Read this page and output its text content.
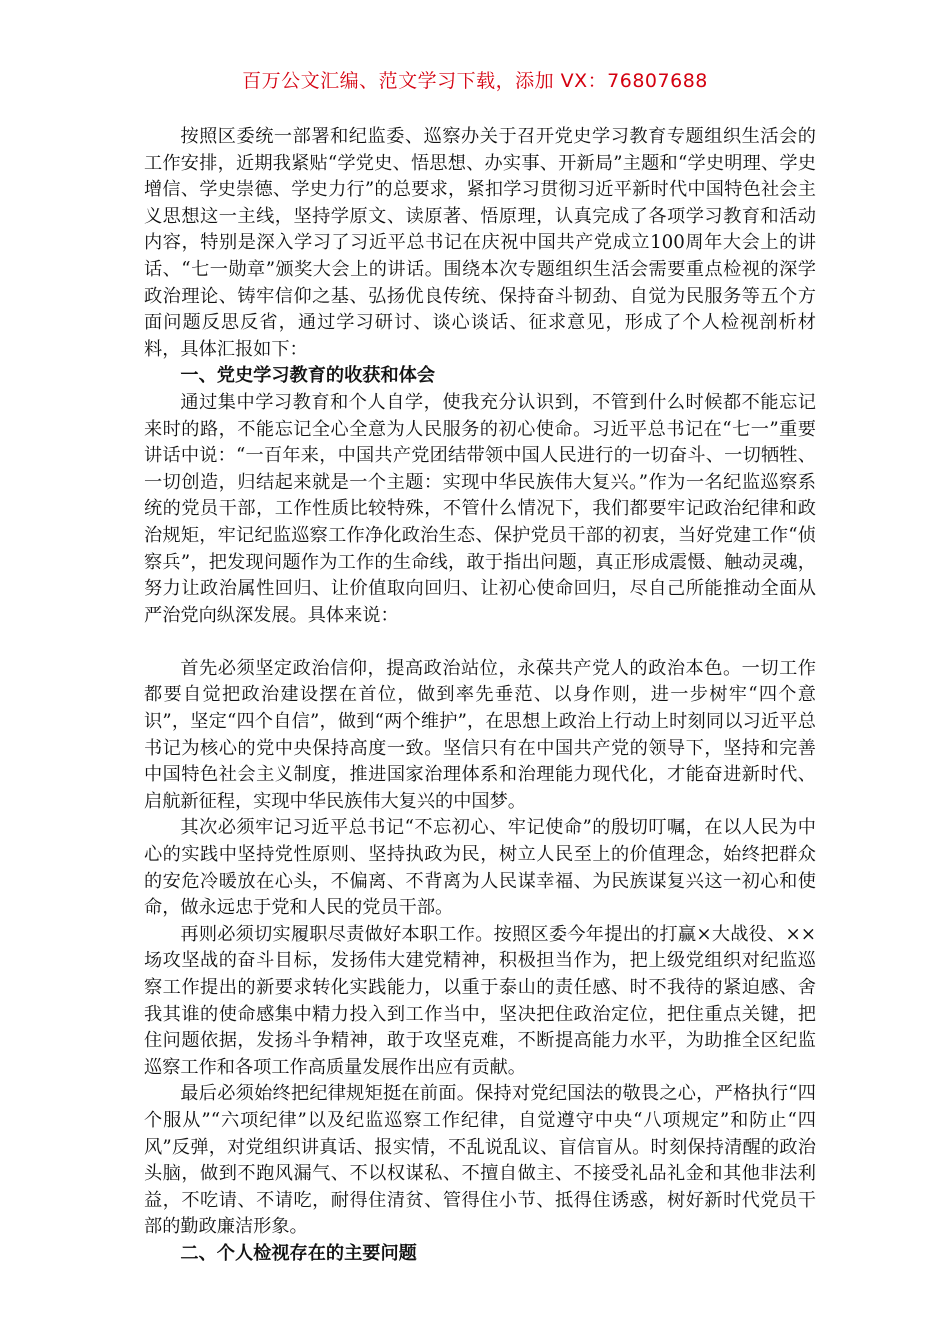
百万公文汇编、范文学习下载，添加 VX：76807688

按照区委统一部署和纪监委、巡察办关于召开党史学习教育专题组织生活会的工作安排，近期我紧贴“学党史、悟思想、办实事、开新局”主题和“学史明理、学史增信、学史崇德、学史力行”的总要求，紧扣学习贯彻习近平新时代中国特色社会主义思想这一主线，坚持学原文、读原著、悟原理，认真完成了各项学习教育和活动内容，特别是深入学习了习近平总书记在庆祝中国共产党成立100周年大会上的讲话、“七一勋章”颁奖大会上的讲话。围绕本次专题组织生活会需要重点检视的深学政治理论、铸牢信仰之基、弘扬优良传统、保持奋斗韧劲、自觉为民服务等五个方面问题反思反省，通过学习研讨、谈心谈话、征求意见，形成了个人检视剖析材料，具体汇报如下：

一、党史学习教育的收获和体会

通过集中学习教育和个人自学，使我充分认识到，不管到什么时候都不能忘记来时的路，不能忘记全心全意为人民服务的初心使命。习近平总书记在“七一”重要讲话中说：“一百年来，中国共产党团结带领中国人民进行的一切奋斗、一切牺牲、一切创造，归结起来就是一个主题：实现中华民族伟大复兴。”作为一名纪监巡察系统的党员干部，工作性质比较特殊，不管什么情况下，我们都要牢记政治纪律和政治规矩，牢记纪监巡察工作净化政治生态、保护党员干部的初衷，当好党建工作“侦察兵”，把发现问题作为工作的生命线，敢于指出问题，真正形成震慑、触动灵魂，努力让政治属性回归、让价值取向回归、让初心使命回归，尽自己所能推动全面从严治党向纵深发展。具体来说：

首先必须坚定政治信仰，提高政治站位，永葆共产党人的政治本色。一切工作都要自觉把政治建设摆在首位，做到率先垂范、以身作则，进一步树牢“四个意识”，坚定“四个自信”，做到“两个维护”，在思想上政治上行动上时刻同以习近平总书记为核心的党中央保持高度一致。坚信只有在中国共产党的领导下，坚持和完善中国特色社会主义制度，推进国家治理体系和治理能力现代化，才能奋进新时代、启航新征程，实现中华民族伟大复兴的中国梦。

其次必须牢记习近平总书记“不忘初心、牢记使命”的殷切叮嘱，在以人民为中心的实践中坚持党性原则、坚持执政为民，树立人民至上的价值理念，始终把群众的安危冷暖放在心头，不偏离、不背离为人民谋幸福、为民族谋复兴这一初心和使命，做永远忠于党和人民的党员干部。

再则必须切实履职尽责做好本职工作。按照区委今年提出的打赢×大战役、××场攻坚战的奋斗目标，发扬伟大建党精神，积极担当作为，把上级党组织对纪监巡察工作提出的新要求转化实践能力，以重于泰山的责任感、时不我待的紧迫感、舍我其谁的使命感集中精力投入到工作当中，坚决把住政治定位，把住重点关键，把住问题依据，发扬斗争精神，敢于攻坚克难，不断提高能力水平，为助推全区纪监巡察工作和各项工作高质量发展作出应有贡献。

最后必须始终把纪律规矩挺在前面。保持对党纪国法的敬畏之心，严格执行“四个服从”“六项纪律”以及纪监巡察工作纪律，自觉遵守中央“八项规定”和防止“四风”反弹，对党组织讲真话、报实情，不乱说乱议、盲信盲从。时刻保持清醒的政治头脑，做到不跑风漏气、不以权谋私、不擅自做主、不接受礼品礼金和其他非法利益，不吃请、不请吃，耐得住清贫、管得住小节、抵得住诱惑，树好新时代党员干部的勤政廉洁形象。

二、个人检视存在的主要问题
